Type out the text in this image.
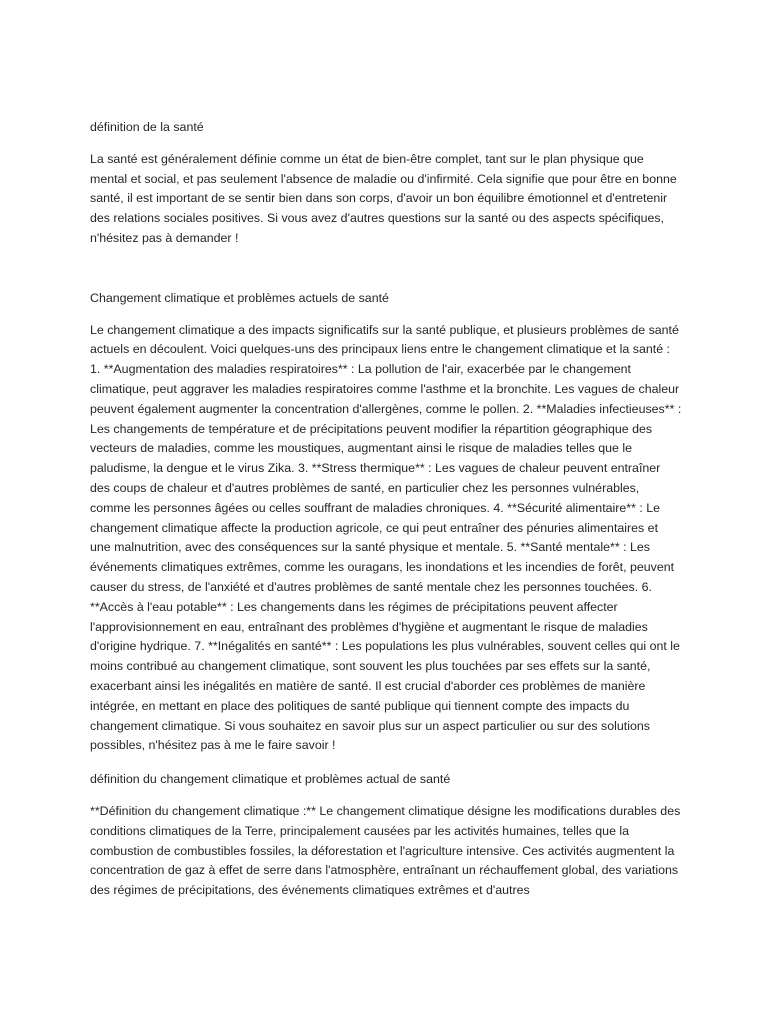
définition de la santé

La santé est généralement définie comme un état de bien-être complet, tant sur le plan physique que mental et social, et pas seulement l'absence de maladie ou d'infirmité. Cela signifie que pour être en bonne santé, il est important de se sentir bien dans son corps, d'avoir un bon équilibre émotionnel et d'entretenir des relations sociales positives. Si vous avez d'autres questions sur la santé ou des aspects spécifiques, n'hésitez pas à demander !

Changement climatique et problèmes actuels de santé

Le changement climatique a des impacts significatifs sur la santé publique, et plusieurs problèmes de santé actuels en découlent. Voici quelques-uns des principaux liens entre le changement climatique et la santé : 1. **Augmentation des maladies respiratoires** : La pollution de l'air, exacerbée par le changement climatique, peut aggraver les maladies respiratoires comme l'asthme et la bronchite. Les vagues de chaleur peuvent également augmenter la concentration d'allergènes, comme le pollen. 2. **Maladies infectieuses** : Les changements de température et de précipitations peuvent modifier la répartition géographique des vecteurs de maladies, comme les moustiques, augmentant ainsi le risque de maladies telles que le paludisme, la dengue et le virus Zika. 3. **Stress thermique** : Les vagues de chaleur peuvent entraîner des coups de chaleur et d'autres problèmes de santé, en particulier chez les personnes vulnérables, comme les personnes âgées ou celles souffrant de maladies chroniques. 4. **Sécurité alimentaire** : Le changement climatique affecte la production agricole, ce qui peut entraîner des pénuries alimentaires et une malnutrition, avec des conséquences sur la santé physique et mentale. 5. **Santé mentale** : Les événements climatiques extrêmes, comme les ouragans, les inondations et les incendies de forêt, peuvent causer du stress, de l'anxiété et d'autres problèmes de santé mentale chez les personnes touchées. 6. **Accès à l'eau potable** : Les changements dans les régimes de précipitations peuvent affecter l'approvisionnement en eau, entraînant des problèmes d'hygiène et augmentant le risque de maladies d'origine hydrique. 7. **Inégalités en santé** : Les populations les plus vulnérables, souvent celles qui ont le moins contribué au changement climatique, sont souvent les plus touchées par ses effets sur la santé, exacerbant ainsi les inégalités en matière de santé. Il est crucial d'aborder ces problèmes de manière intégrée, en mettant en place des politiques de santé publique qui tiennent compte des impacts du changement climatique. Si vous souhaitez en savoir plus sur un aspect particulier ou sur des solutions possibles, n'hésitez pas à me le faire savoir !

définition du changement climatique et problèmes actual de santé

**Définition du changement climatique :** Le changement climatique désigne les modifications durables des conditions climatiques de la Terre, principalement causées par les activités humaines, telles que la combustion de combustibles fossiles, la déforestation et l'agriculture intensive. Ces activités augmentent la concentration de gaz à effet de serre dans l'atmosphère, entraînant un réchauffement global, des variations des régimes de précipitations, des événements climatiques extrêmes et d'autres
